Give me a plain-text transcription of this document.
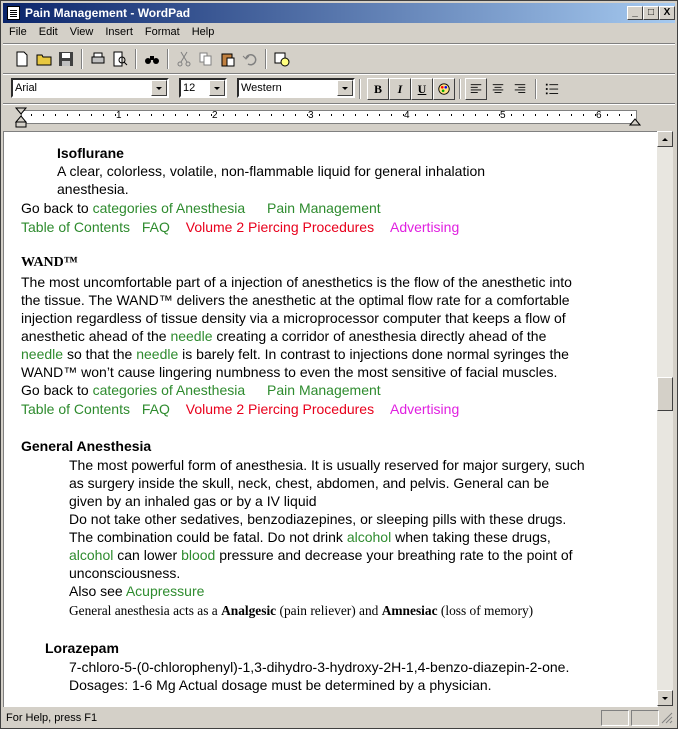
Pain Management - WordPad	_	□ X
File Edit View Insert Format Help
Arial	12	Western	B	I	U
1	2	3	4	5	6
Isoflurane
A clear, colorless, volatile, non-flammable liquid for general inhalation
anesthesia.
Go back to categories of Anesthesia Pain Management
Table of Contents FAQ Volume 2 Piercing Procedures Advertising
WAND™
The most uncomfortable part of a injection of anesthetics is the flow of the anesthetic into
the tissue. The WAND™ delivers the anesthetic at the optimal flow rate for a comfortable
injection regardless of tissue density via a microprocessor computer that keeps a flow of
anesthetic ahead of the needle creating a corridor of anesthesia directly ahead of the
needle so that the needle is barely felt. In contrast to injections done normal syringes the
WAND™ won’t cause lingering numbness to even the most sensitive of facial muscles.
Go back to categories of Anesthesia Pain Management
Table of Contents FAQ Volume 2 Piercing Procedures Advertising
General Anesthesia
The most powerful form of anesthesia. It is usually reserved for major surgery, such
as surgery inside the skull, neck, chest, abdomen, and pelvis. General can be
given by an inhaled gas or by a IV liquid
Do not take other sedatives, benzodiazepines, or sleeping pills with these drugs.
The combination could be fatal. Do not drink alcohol when taking these drugs,
alcohol can lower blood pressure and decrease your breathing rate to the point of
unconsciousness.
Also see Acupressure
General anesthesia acts as a Analgesic (pain reliever) and Amnesiac (loss of memory)
Lorazepam
7-chloro-5-(0-chlorophenyl)-1,3-dihydro-3-hydroxy-2H-1,4-benzo-diazepin-2-one.
Dosages: 1-6 Mg Actual dosage must be determined by a physician.
For Help, press F1
